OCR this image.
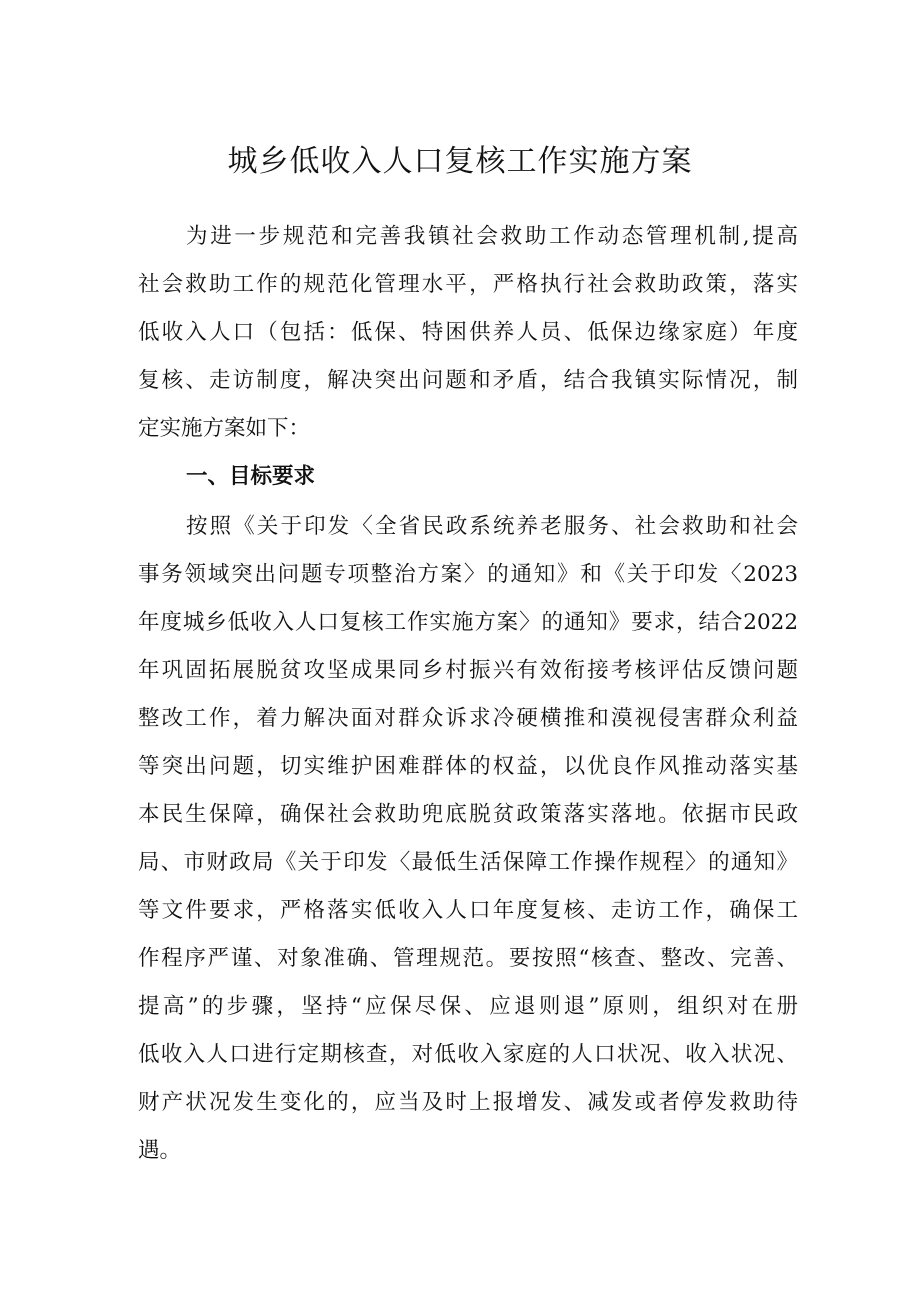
城乡低收入人口复核工作实施方案
为进一步规范和完善我镇社会救助工作动态管理机制,提高
社会救助工作的规范化管理水平，严格执行社会救助政策，落实
低收入人口（包括：低保、特困供养人员、低保边缘家庭）年度
复核、走访制度，解决突出问题和矛盾，结合我镇实际情况，制
定实施方案如下：
一、目标要求
按照《关于印发〈全省民政系统养老服务、社会救助和社会
事务领域突出问题专项整治方案〉的通知》和《关于印发〈2023
年度城乡低收入人口复核工作实施方案〉的通知》要求，结合2022
年巩固拓展脱贫攻坚成果同乡村振兴有效衔接考核评估反馈问题
整改工作，着力解决面对群众诉求冷硬横推和漠视侵害群众利益
等突出问题，切实维护困难群体的权益，以优良作风推动落实基
本民生保障，确保社会救助兜底脱贫政策落实落地。依据市民政
局、市财政局《关于印发〈最低生活保障工作操作规程〉的通知》
等文件要求，严格落实低收入人口年度复核、走访工作，确保工
作程序严谨、对象准确、管理规范。要按照“核查、整改、完善、
提高”的步骤，坚持“应保尽保、应退则退”原则，组织对在册
低收入人口进行定期核查，对低收入家庭的人口状况、收入状况、
财产状况发生变化的，应当及时上报增发、减发或者停发救助待
遇。
